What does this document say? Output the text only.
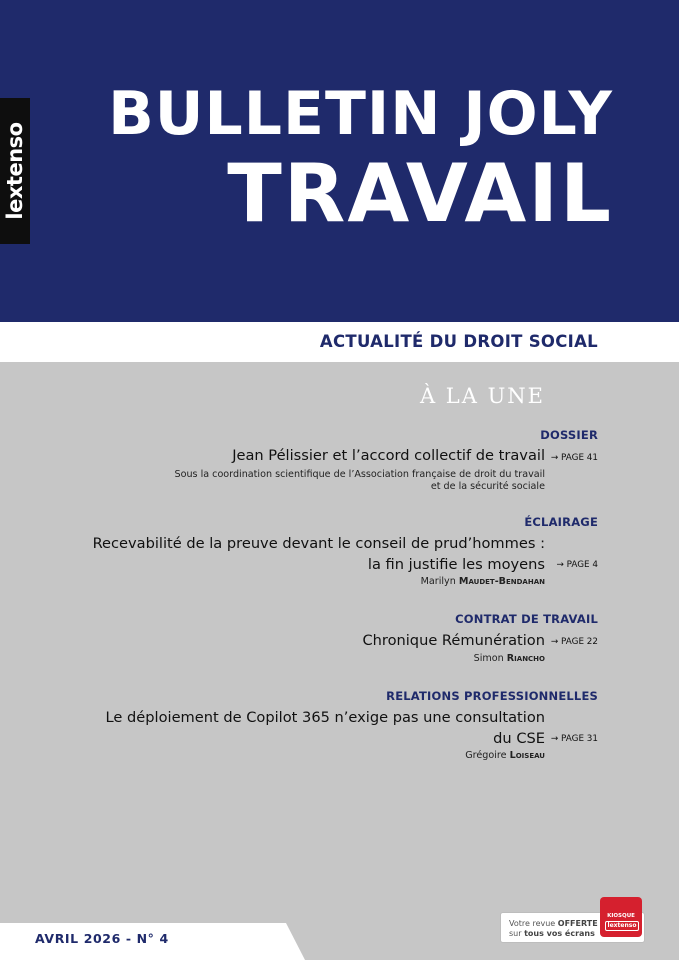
lextenso
BULLETIN JOLY
TRAVAIL
ACTUALITÉ DU DROIT SOCIAL
À LA UNE
DOSSIER
Jean Pélissier et l’accord collectif de travail → PAGE 41
Sous la coordination scientifique de l’Association française de droit du travail
et de la sécurité sociale
ÉCLAIRAGE
Recevabilité de la preuve devant le conseil de prud’hommes :
la fin justifie les moyens → PAGE 4
Marilyn Maudet-Bendahan
CONTRAT DE TRAVAIL
Chronique Rémunération → PAGE 22
Simon Riancho
RELATIONS PROFESSIONNELLES
Le déploiement de Copilot 365 n’exige pas une consultation
du CSE → PAGE 31
Grégoire Loiseau
AVRIL 2026 - N° 4
Votre revue OFFERTE
sur tous vos écrans
KIOSQUE
lextenso
